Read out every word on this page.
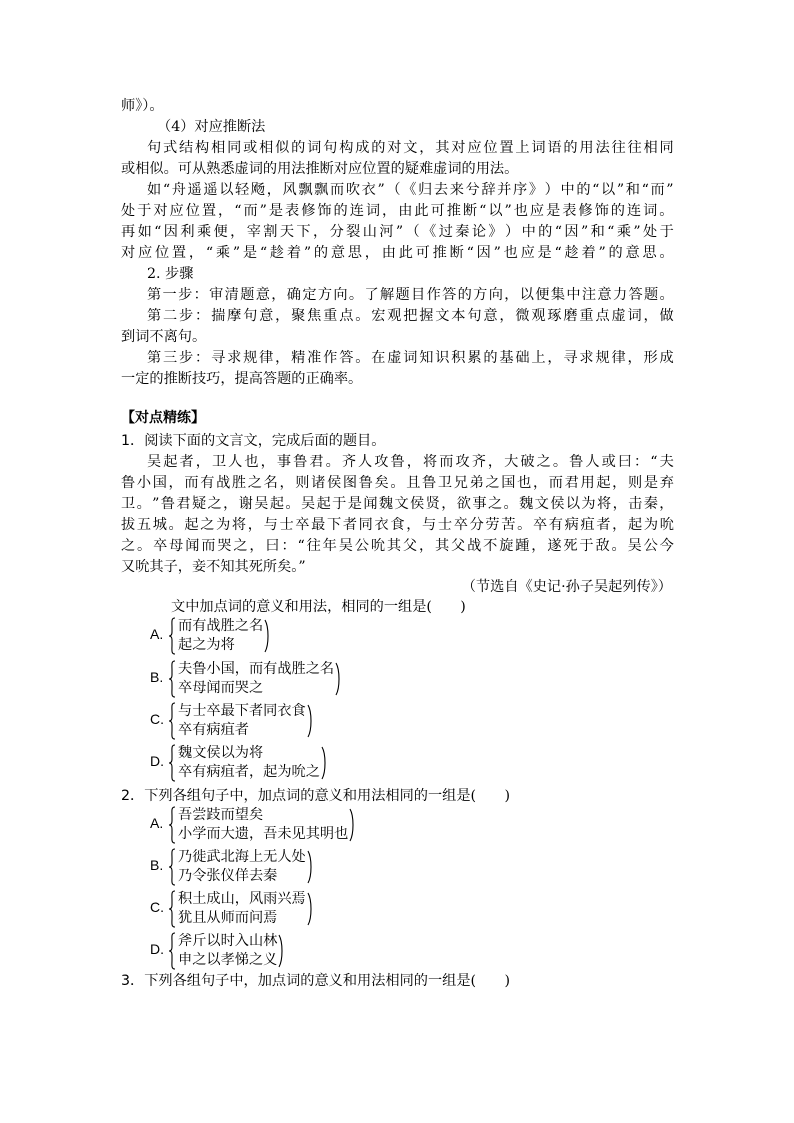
师》）。
（4）对应推断法
句 式 结 构 相 同 或 相 似 的 词 句 构 成 的 对 文 ， 其 对 应 位 置 上 词 语 的 用 法 往 往 相 同
或相似。可从熟悉虚词的用法推断对应位置的疑难虚词的用法。
如 “ 舟 遥 遥 以 轻 飏 ， 风 飘 飘 而 吹 衣 ” （ 《 归 去 来 兮 辞 并 序 》 ） 中 的 “ 以 ” 和 “ 而 ”
处 于 对 应 位 置 ， “ 而 ” 是 表 修 饰 的 连 词 ， 由 此 可 推 断 “ 以 ” 也 应 是 表 修 饰 的 连 词 。
再 如 “ 因 利 乘 便 ， 宰 割 天 下 ， 分 裂 山 河 ” （ 《 过 秦 论 》 ） 中 的 “ 因 ” 和 “ 乘 ” 处 于
对 应 位 置 ， “ 乘 ” 是 “ 趁 着 ” 的 意 思 ， 由 此 可 推 断 “ 因 ” 也 应 是 “ 趁 着 ” 的 意 思 。
2. 步骤
第 一 步 ： 审 清 题 意 ， 确 定 方 向 。 了 解 题 目 作 答 的 方 向 ， 以 便 集 中 注 意 力 答 题 。
第 二 步 ： 揣 摩 句 意 ， 聚 焦 重 点 。 宏 观 把 握 文 本 句 意 ， 微 观 琢 磨 重 点 虚 词 ， 做
到词不离句。
第 三 步 ： 寻 求 规 律 ， 精 准 作 答 。 在 虚 词 知 识 积 累 的 基 础 上 ， 寻 求 规 律 ， 形 成
一定的推断技巧，提高答题的正确率。
【对点精练】
1．阅读下面的文言文，完成后面的题目。
吴 起 者 ， 卫 人 也 ， 事 鲁 君 。 齐 人 攻 鲁 ， 将 而 攻 齐 ， 大 破 之 。 鲁 人 或 曰 ： “ 夫
鲁 小 国 ， 而 有 战 胜 之 名 ， 则 诸 侯 图 鲁 矣 。 且 鲁 卫 兄 弟 之 国 也 ， 而 君 用 起 ， 则 是 弃
卫 。 ” 鲁 君 疑 之 ， 谢 吴 起 。 吴 起 于 是 闻 魏 文 侯 贤 ， 欲 事 之 。 魏 文 侯 以 为 将 ， 击 秦 ，
拔 五 城 。 起 之 为 将 ， 与 士 卒 最 下 者 同 衣 食 ， 与 士 卒 分 劳 苦 。 卒 有 病 疽 者 ， 起 为 吮
之 。 卒 母 闻 而 哭 之 ， 曰 ： “ 往 年 吴 公 吮 其 父 ， 其 父 战 不 旋 踵 ， 遂 死 于 敌 。 吴 公 今
又吮其子，妾不知其死所矣。”
（节选自《史记·孙子吴起列传》）
文中加点词的意义和用法，相同的一组是(　　)
A. 而有战胜之名
起之为将
B. 夫鲁小国，而有战胜之名
卒母闻而哭之
C. 与士卒最下者同衣食
卒有病疽者
D. 魏文侯以为将
卒有病疽者，起为吮之
2．下列各组句子中，加点词的意义和用法相同的一组是(　　)
A. 吾尝跂而望矣
小学而大遗，吾未见其明也
B. 乃徙武北海上无人处
乃令张仪佯去秦
C. 积土成山，风雨兴焉
犹且从师而问焉
D. 斧斤以时入山林
申之以孝悌之义
3．下列各组句子中，加点词的意义和用法相同的一组是(　　)
